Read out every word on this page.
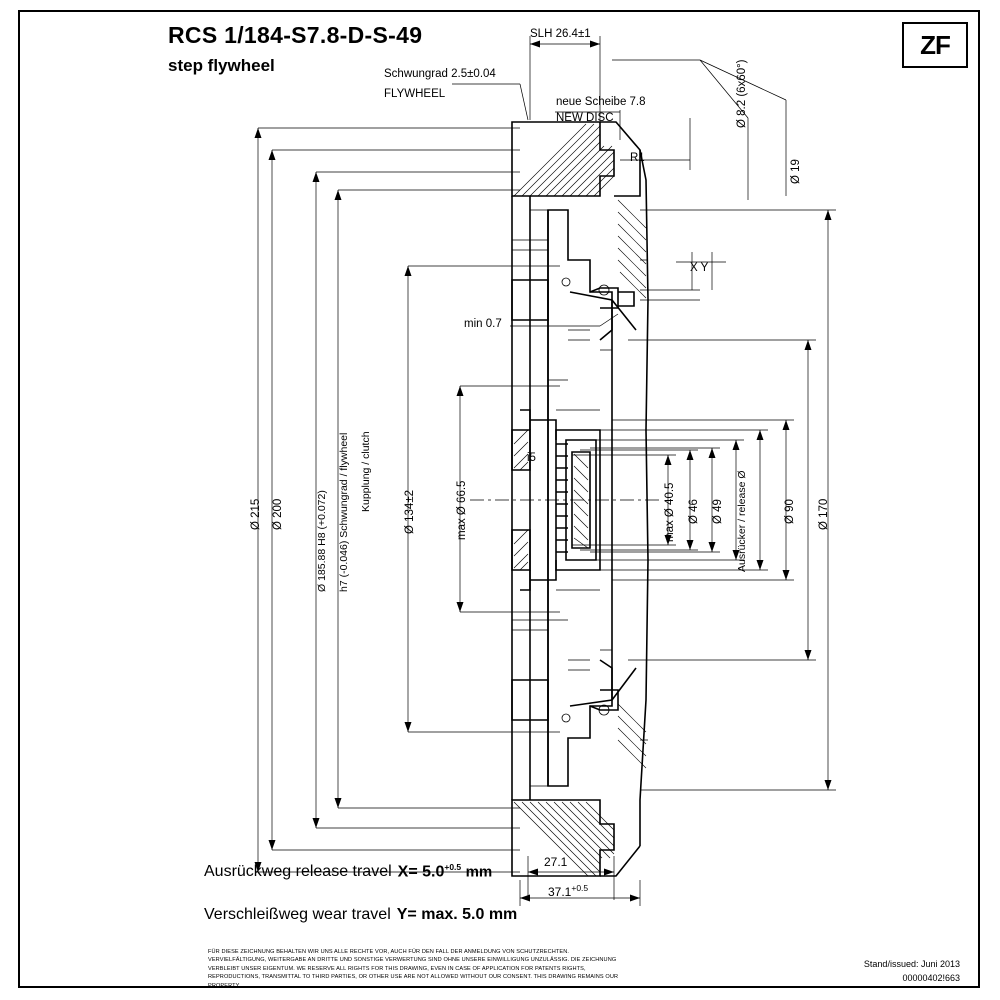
RCS 1/184-S7.8-D-S-49
step flywheel
ZF
SLH 26.4±1
Schwungrad 2.5±0.04
FLYWHEEL
neue Scheibe 7.8
NEW DISC	Ø 8.2 (6x60°)
Ø 19
R1
X Y
min 0.7
i5
Ø 215 Ø 200	Ø 185.88 H8 (+0.072) h7 (-0.046) Schwungrad / flywheel Kupplung / clutch	Ø 134±2	max Ø 66.5	max Ø 40.5 Ø 46 Ø 49 Ausrücker / release Ø	Ø 90 Ø 170
27.1
$37.1^{+0.5}$
Ausrückweg release travel $X= 5.0^{+0.5}$ mm
Verschleißweg wear travel Y= max. 5.0 mm
FÜR DIESE ZEICHNUNG BEHALTEN WIR UNS ALLE RECHTE VOR, AUCH FÜR DEN FALL DER ANMELDUNG VON SCHUTZRECHTEN. VERVIELFÄLTIGUNG, WEITERGABE AN DRITTE UND SONSTIGE VERWERTUNG SIND OHNE UNSERE EINWILLIGUNG UNZULÄSSIG. DIE ZEICHNUNG VERBLEIBT UNSER EIGENTUM. WE RESERVE ALL RIGHTS FOR THIS DRAWING, EVEN IN CASE OF APPLICATION FOR PATENTS RIGHTS, REPRODUCTIONS, TRANSMITTAL TO THIRD PARTIES, OR OTHER USE ARE NOT ALLOWED WITHOUT OUR CONSENT. THIS DRAWING REMAINS OUR PROPERTY.
Stand/issued: Juni 2013
00000402!663
